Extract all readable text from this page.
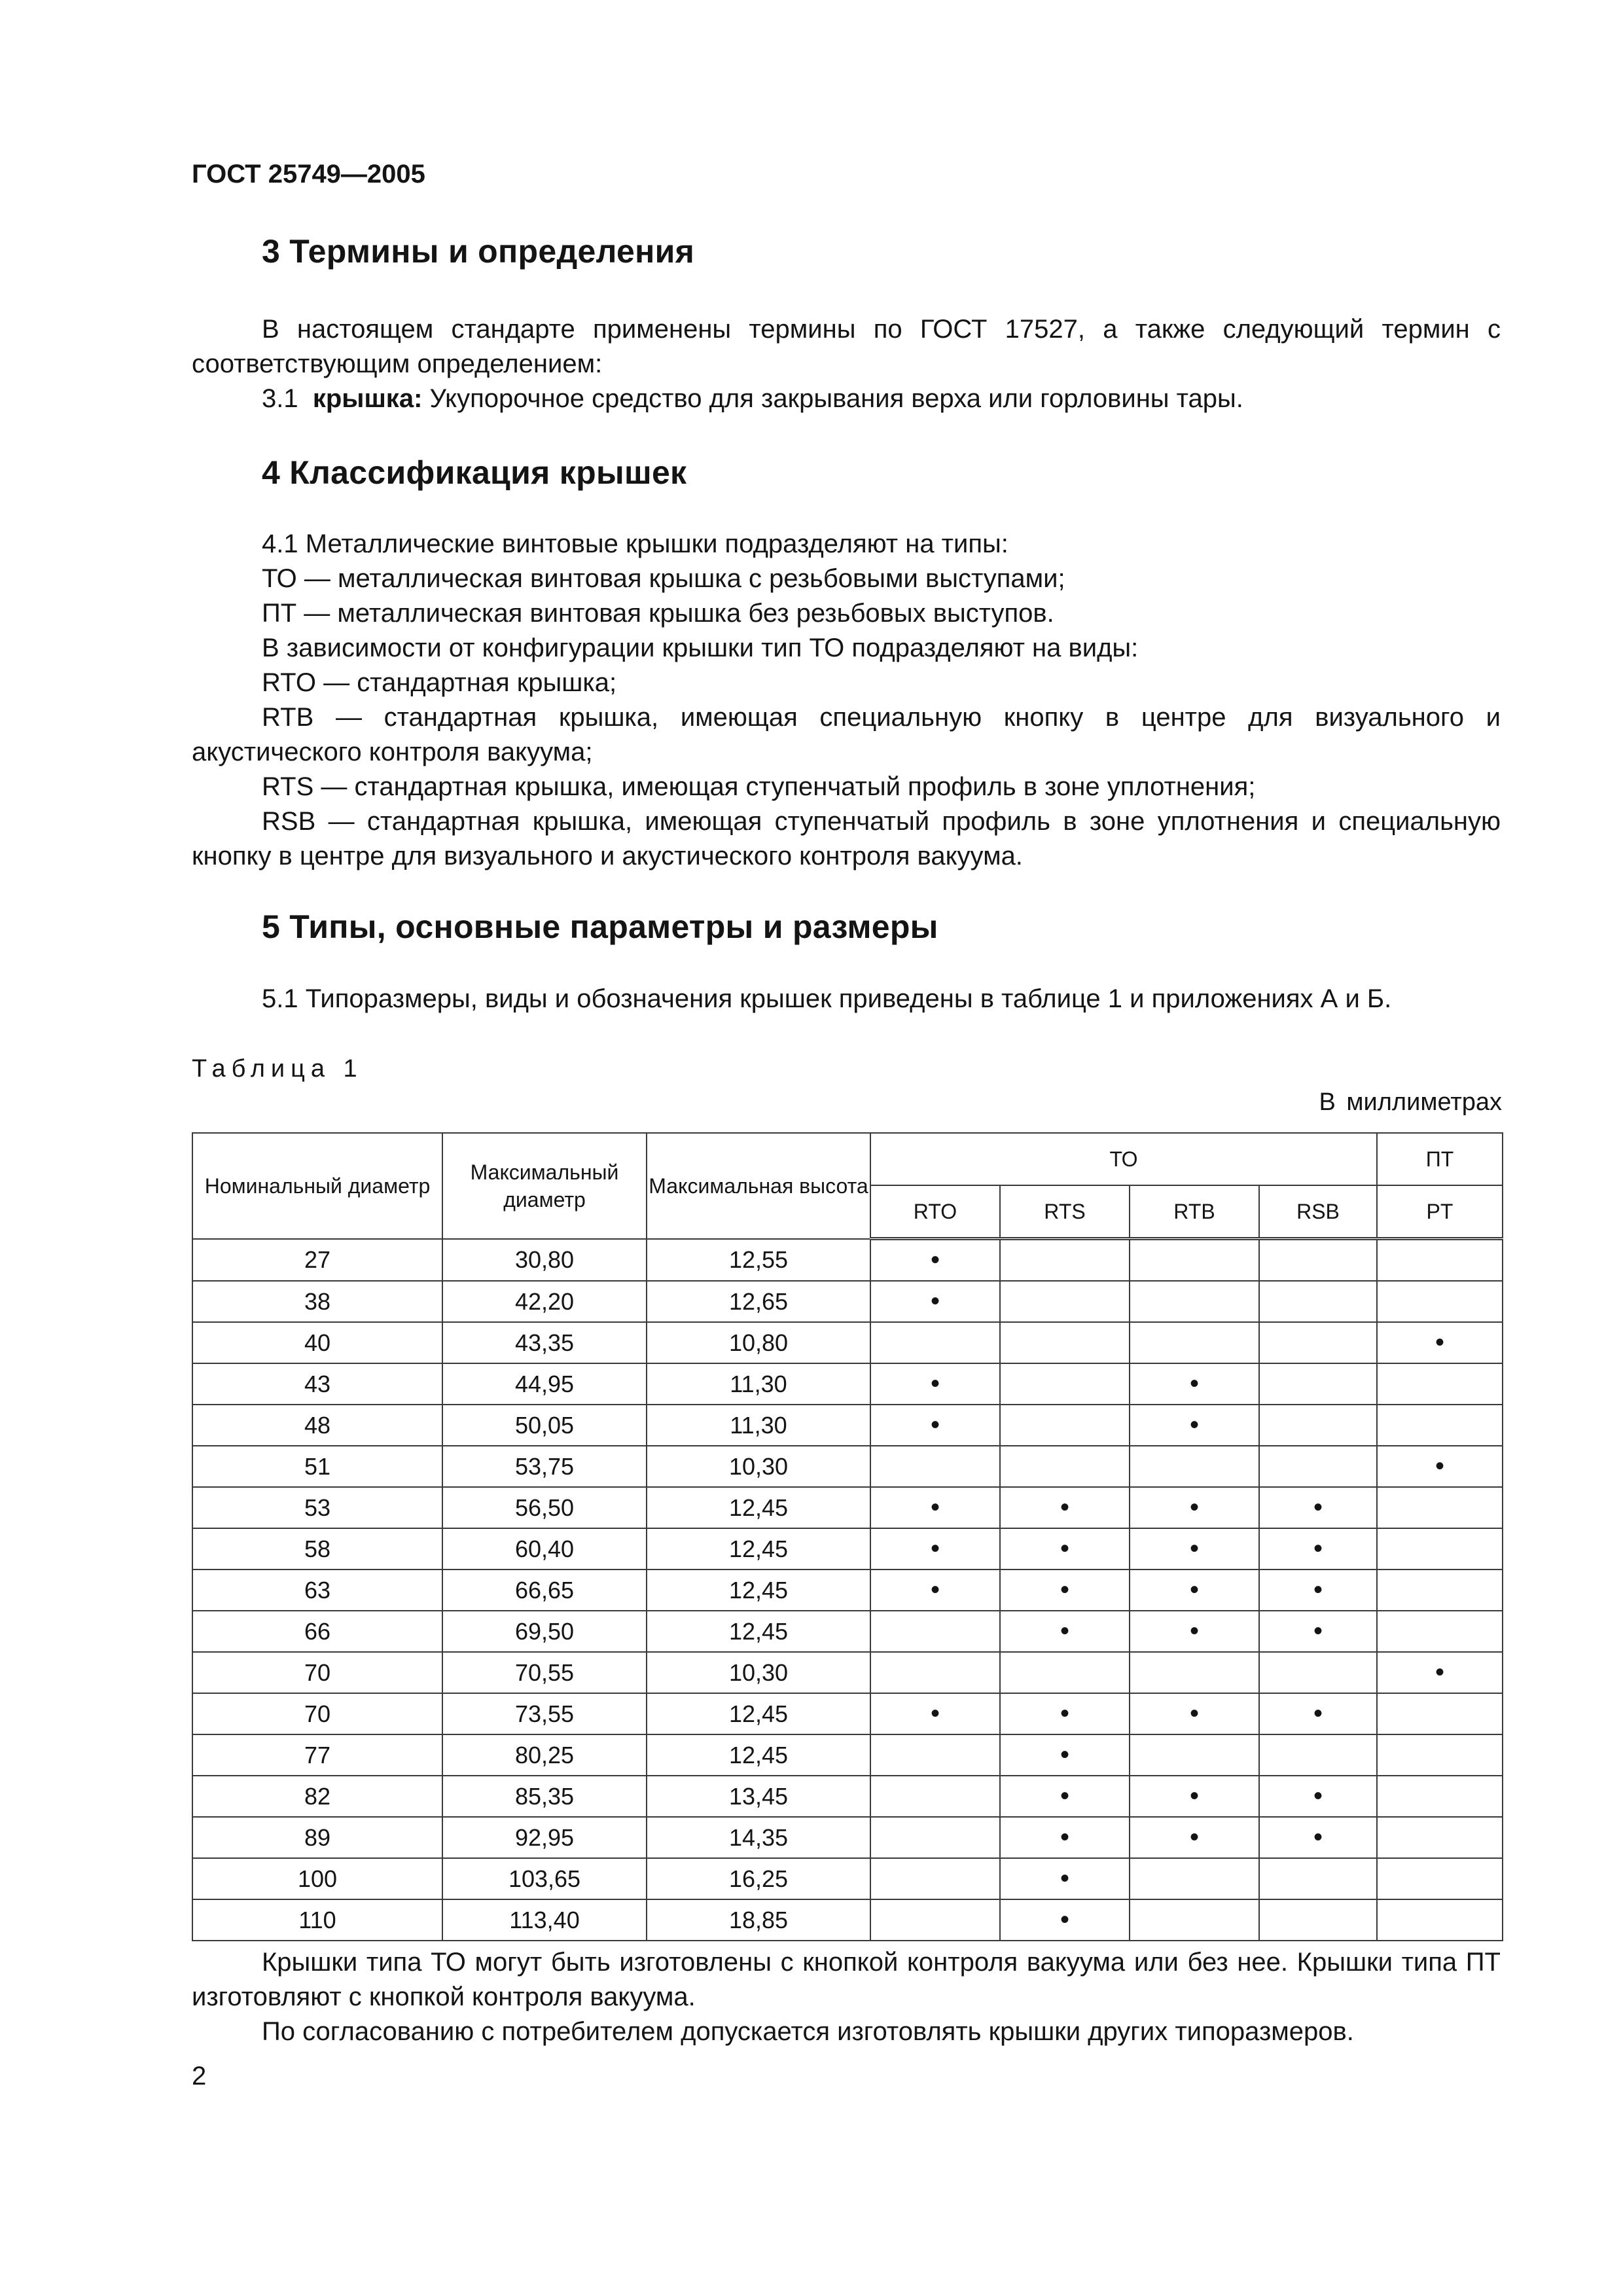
ГОСТ 25749—2005
3 Термины и определения

В настоящем стандарте применены термины по ГОСТ 17527, а также следующий термин с соответствующим определением:

3.1 крышка: Укупорочное средство для закрывания верха или горловины тары.

4 Классификация крышек

4.1 Металлические винтовые крышки подразделяют на типы:

ТО — металлическая винтовая крышка с резьбовыми выступами;

ПТ — металлическая винтовая крышка без резьбовых выступов.

В зависимости от конфигурации крышки тип ТО подразделяют на виды:

RTO — стандартная крышка;

RTB — стандартная крышка, имеющая специальную кнопку в центре для визуального и акустического контроля вакуума;

RTS — стандартная крышка, имеющая ступенчатый профиль в зоне уплотнения;

RSB — стандартная крышка, имеющая ступенчатый профиль в зоне уплотнения и специальную кнопку в центре для визуального и акустического контроля вакуума.

5 Типы, основные параметры и размеры

5.1 Типоразмеры, виды и обозначения крышек приведены в таблице 1 и приложениях А и Б.

Таблица 1
В миллиметрах
Номинальный диаметр	Максимальный диаметр	Максимальная высота	ТО				ПТ
			RTO	RTS	RTB	RSB	PT
27	30,80	12,55	•				
38	42,20	12,65	•				
40	43,35	10,80					•
43	44,95	11,30	•		•		
48	50,05	11,30	•		•		
51	53,75	10,30					•
53	56,50	12,45	•	•	•	•	
58	60,40	12,45	•	•	•	•	
63	66,65	12,45	•	•	•	•	
66	69,50	12,45		•	•	•	
70	70,55	10,30					•
70	73,55	12,45	•	•	•	•	
77	80,25	12,45		•			
82	85,35	13,45		•	•	•	
89	92,95	14,35		•	•	•	
100	103,65	16,25		•			
110	113,40	18,85		•			

Крышки типа ТО могут быть изготовлены с кнопкой контроля вакуума или без нее. Крышки типа ПТ изготовляют с кнопкой контроля вакуума.

По согласованию с потребителем допускается изготовлять крышки других типоразмеров.

2
